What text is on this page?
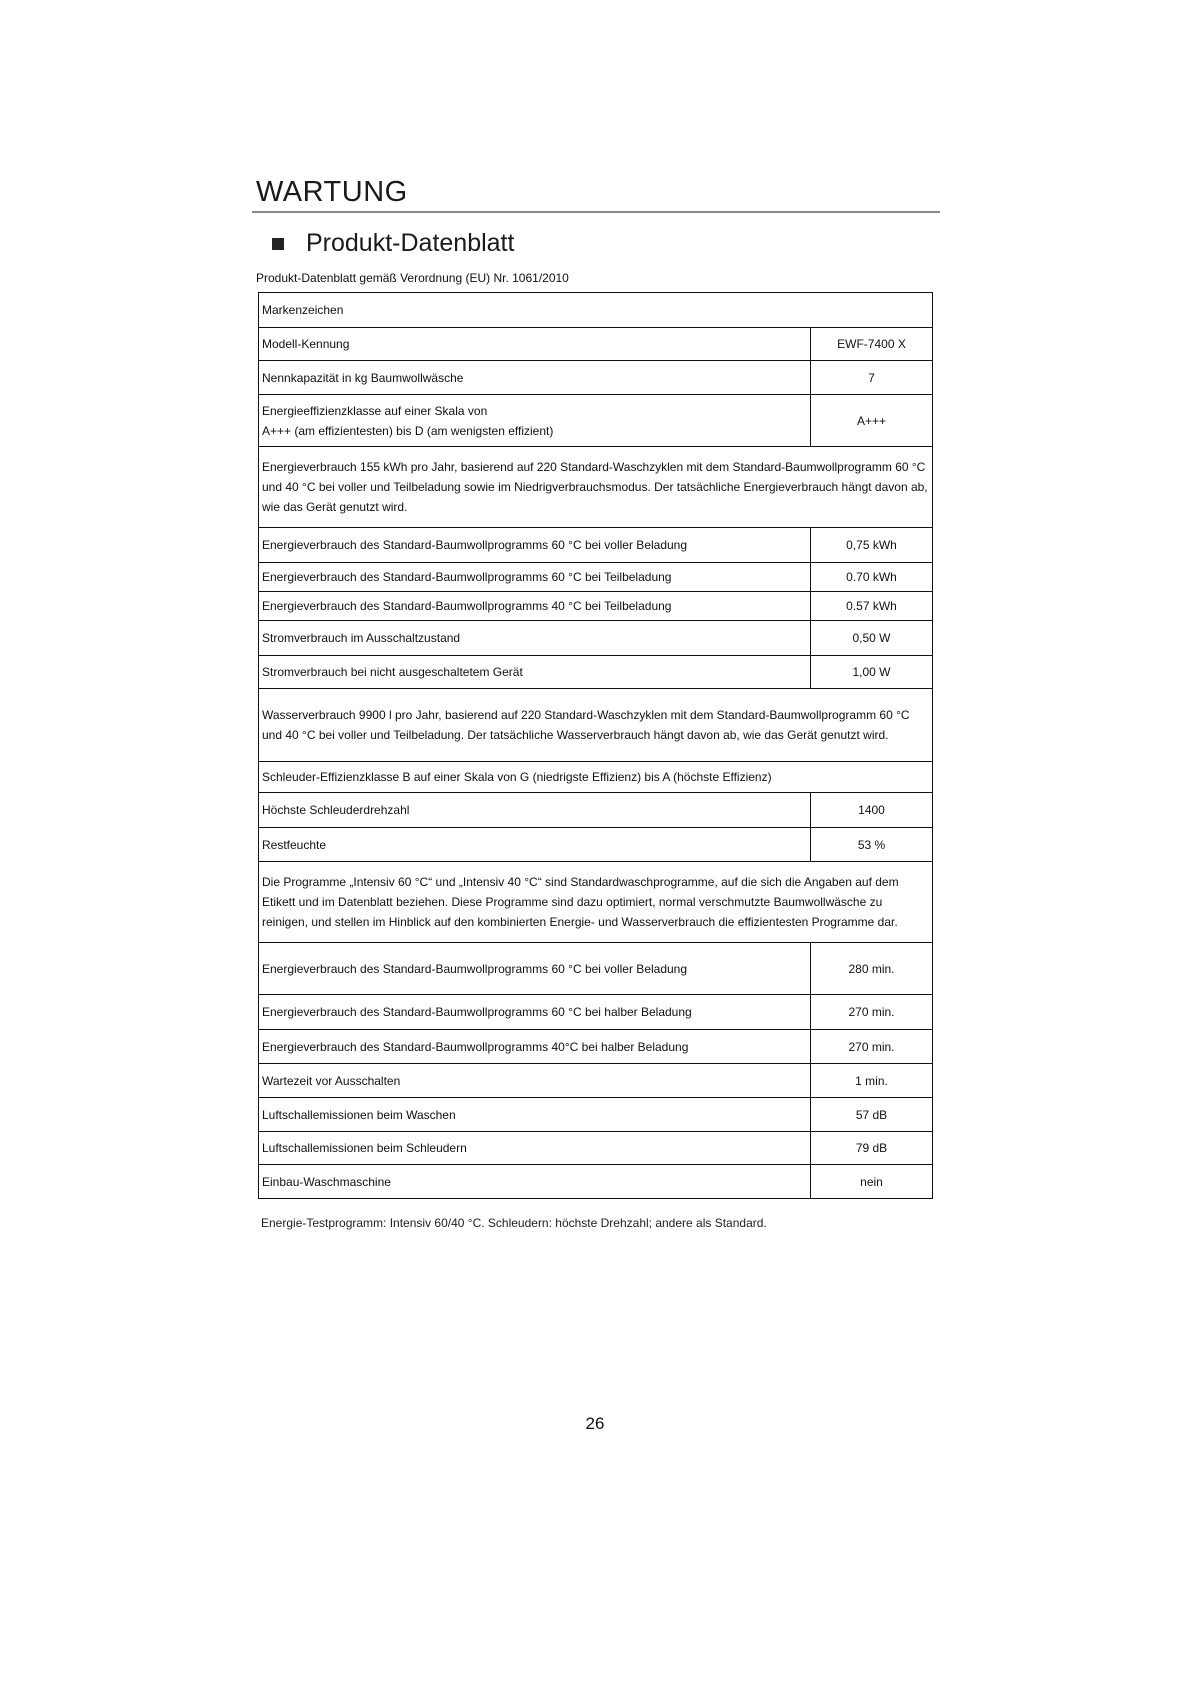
WARTUNG
Produkt-Datenblatt
Produkt-Datenblatt gemäß Verordnung (EU) Nr. 1061/2010
Markenzeichen	
Modell-Kennung	EWF-7400 X
Nennkapazität in kg Baumwollwäsche	7
Energieeffizienzklasse auf einer Skala von
A+++ (am effizientesten) bis D (am wenigsten effizient)	A+++
Energieverbrauch 155 kWh pro Jahr, basierend auf 220 Standard-Waschzyklen mit dem Standard-Baumwollprogramm 60 °C und 40 °C bei voller und Teilbeladung sowie im Niedrigverbrauchsmodus. Der tatsächliche Energieverbrauch hängt davon ab, wie das Gerät genutzt wird.	
Energieverbrauch des Standard-Baumwollprogramms 60 °C bei voller Beladung	0,75 kWh
Energieverbrauch des Standard-Baumwollprogramms 60 °C bei Teilbeladung	0.70 kWh
Energieverbrauch des Standard-Baumwollprogramms 40 °C bei Teilbeladung	0.57 kWh
Stromverbrauch im Ausschaltzustand	0,50 W
Stromverbrauch bei nicht ausgeschaltetem Gerät	1,00 W
Wasserverbrauch 9900 l pro Jahr, basierend auf 220 Standard-Waschzyklen mit dem Standard-Baumwollprogramm 60 °C und 40 °C bei voller und Teilbeladung. Der tatsächliche Wasserverbrauch hängt davon ab, wie das Gerät genutzt wird.	
Schleuder-Effizienzklasse B auf einer Skala von G (niedrigste Effizienz) bis A (höchste Effizienz)	
Höchste Schleuderdrehzahl	1400
Restfeuchte	53 %
Die Programme „Intensiv 60 °C“ und „Intensiv 40 °C“ sind Standardwaschprogramme, auf die sich die Angaben auf dem Etikett und im Datenblatt beziehen. Diese Programme sind dazu optimiert, normal verschmutzte Baumwollwäsche zu reinigen, und stellen im Hinblick auf den kombinierten Energie- und Wasserverbrauch die effizientesten Programme dar.	
Energieverbrauch des Standard-Baumwollprogramms 60 °C bei voller Beladung	280 min.
Energieverbrauch des Standard-Baumwollprogramms 60 °C bei halber Beladung	270 min.
Energieverbrauch des Standard-Baumwollprogramms 40°C bei halber Beladung	270 min.
Wartezeit vor Ausschalten	1 min.
Luftschallemissionen beim Waschen	57 dB
Luftschallemissionen beim Schleudern	79 dB
Einbau-Waschmaschine	nein
Energie-Testprogramm: Intensiv 60/40 °C. Schleudern: höchste Drehzahl; andere als Standard.
26
